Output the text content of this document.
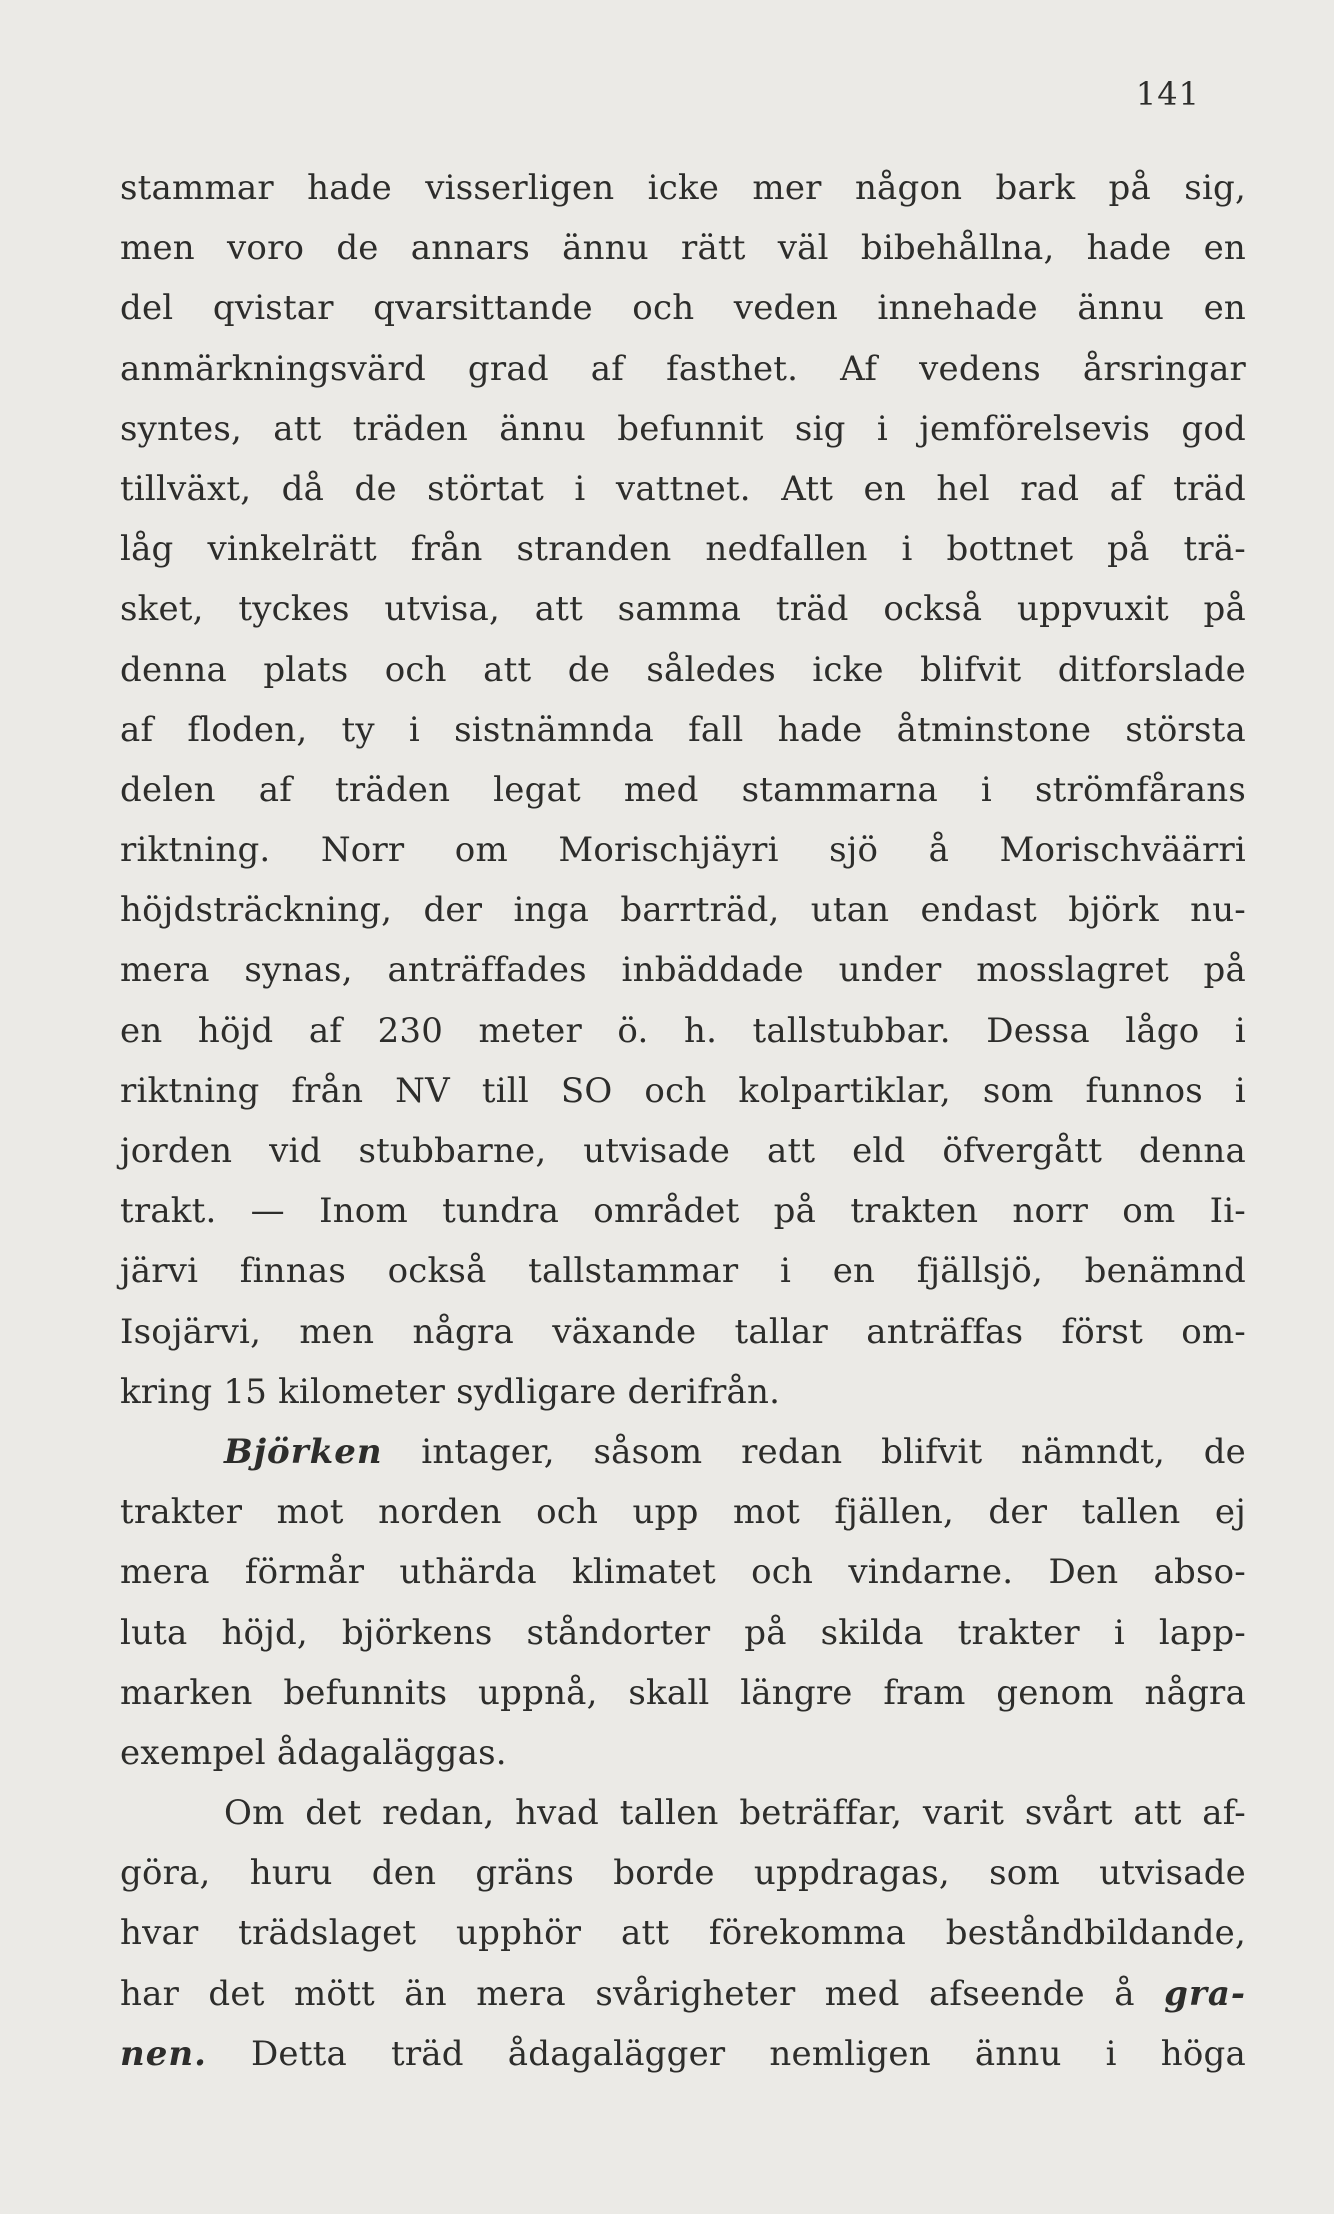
141
stammar hade visserligen icke mer någon bark på sig,
men voro de annars ännu rätt väl bibehållna, hade en
del qvistar qvarsittande och veden innehade ännu en
anmärkningsvärd grad af fasthet. Af vedens årsringar
syntes, att träden ännu befunnit sig i jemförelsevis god
tillväxt, då de störtat i vattnet. Att en hel rad af träd
låg vinkelrätt från stranden nedfallen i bottnet på trä-
sket, tyckes utvisa, att samma träd också uppvuxit på
denna plats och att de således icke blifvit ditforslade
af floden, ty i sistnämnda fall hade åtminstone största
delen af träden legat med stammarna i strömfårans
riktning. Norr om Morischjäyri sjö å Morischväärri
höjdsträckning, der inga barrträd, utan endast björk nu-
mera synas, anträffades inbäddade under mosslagret på
en höjd af 230 meter ö. h. tallstubbar. Dessa lågo i
riktning från NV till SO och kolpartiklar, som funnos i
jorden vid stubbarne, utvisade att eld öfvergått denna
trakt. — Inom tundra området på trakten norr om Ii-
järvi finnas också tallstammar i en fjällsjö, benämnd
Isojärvi, men några växande tallar anträffas först om-
kring 15 kilometer sydligare derifrån.
Björken intager, såsom redan blifvit nämndt, de
trakter mot norden och upp mot fjällen, der tallen ej
mera förmår uthärda klimatet och vindarne. Den abso-
luta höjd, björkens ståndorter på skilda trakter i lapp-
marken befunnits uppnå, skall längre fram genom några
exempel ådagaläggas.
Om det redan, hvad tallen beträffar, varit svårt att af-
göra, huru den gräns borde uppdragas, som utvisade
hvar trädslaget upphör att förekomma beståndbildande,
har det mött än mera svårigheter med afseende å gra-
nen. Detta träd ådagalägger nemligen ännu i höga
